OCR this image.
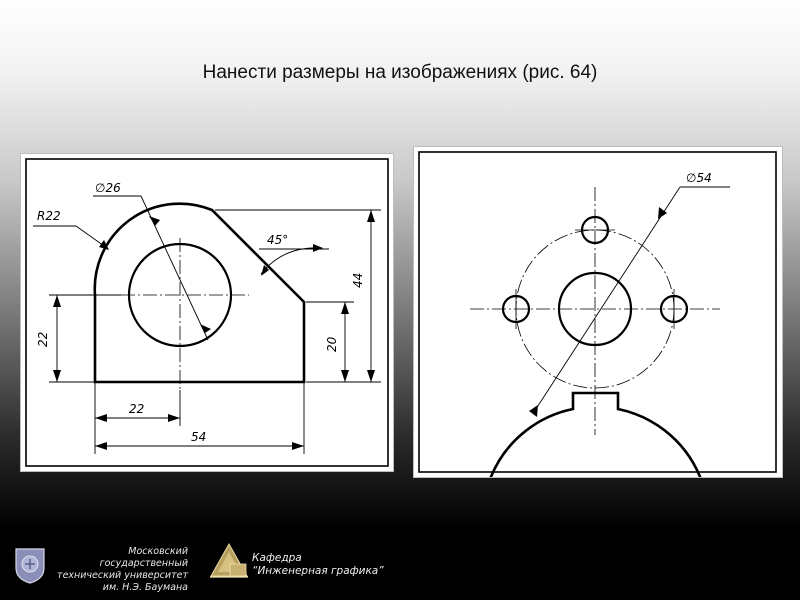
Нанести размеры на изображениях (рис. 64)
∅26
R22
45°
44
20
22
22
54
∅54
Московский государственный
технический университет
им. Н.Э. Баумана
Кафедра
“Инженерная графика”
